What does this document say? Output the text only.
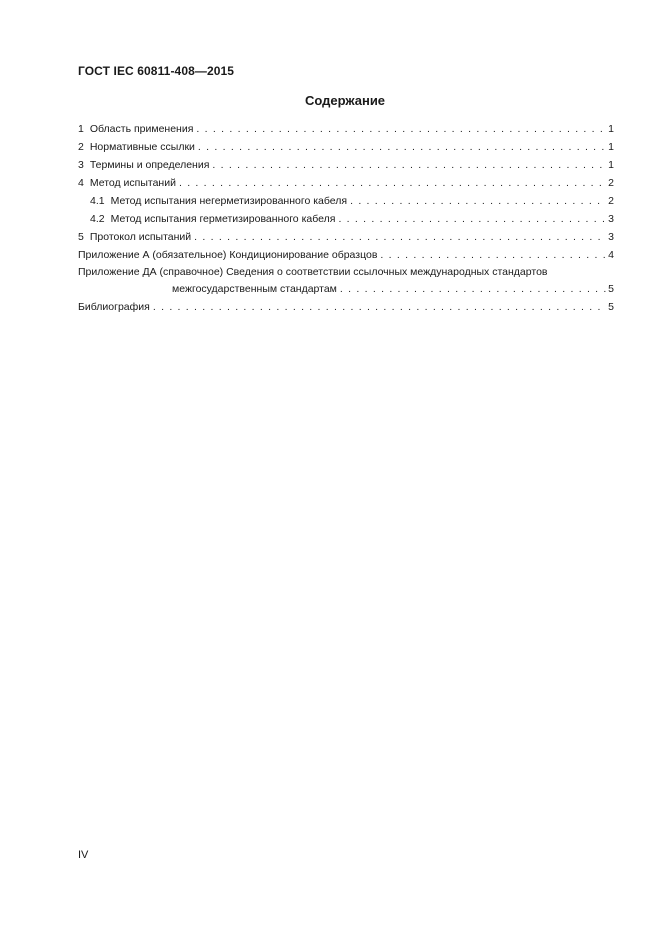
ГОСТ IEC 60811-408—2015
Содержание
1 Область применения . . .	1
2 Нормативные ссылки . . .	1
3 Термины и определения . . .	1
4 Метод испытаний . . .	2
4.1 Метод испытания негерметизированного кабеля . . .	2
4.2 Метод испытания герметизированного кабеля . . .	3
5 Протокол испытаний . . .	3
Приложение А (обязательное) Кондиционирование образцов . . .	4
Приложение ДА (справочное) Сведения о соответствии ссылочных международных стандартов
межгосударственным стандартам . . .	5
Библиография . . .	5
IV
